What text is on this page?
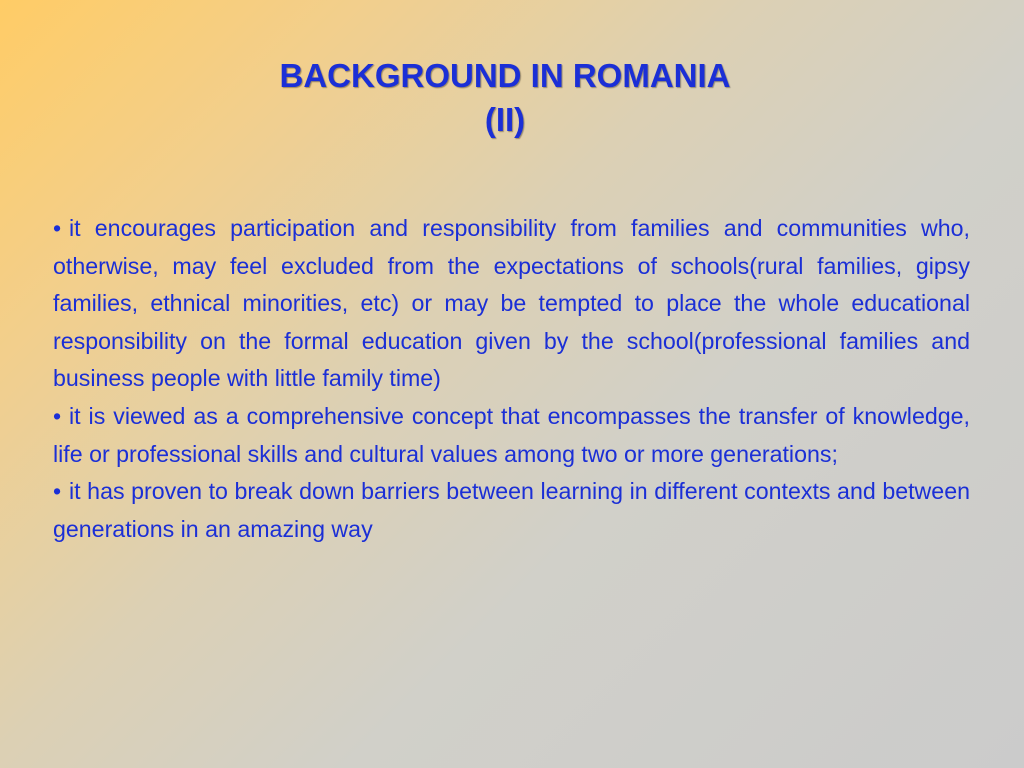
BACKGROUND IN ROMANIA
(II)

• it encourages participation and responsibility from families and communities who, otherwise, may feel excluded from the expectations of schools(rural families, gipsy families, ethnical minorities, etc) or may be tempted to place the whole educational responsibility on the formal education given by the school(professional families and business people with little family time)

• it is viewed as a comprehensive concept that encompasses the transfer of knowledge, life or professional skills and cultural values among two or more generations;

• it has proven to break down barriers between learning in different contexts and between generations in an amazing way
